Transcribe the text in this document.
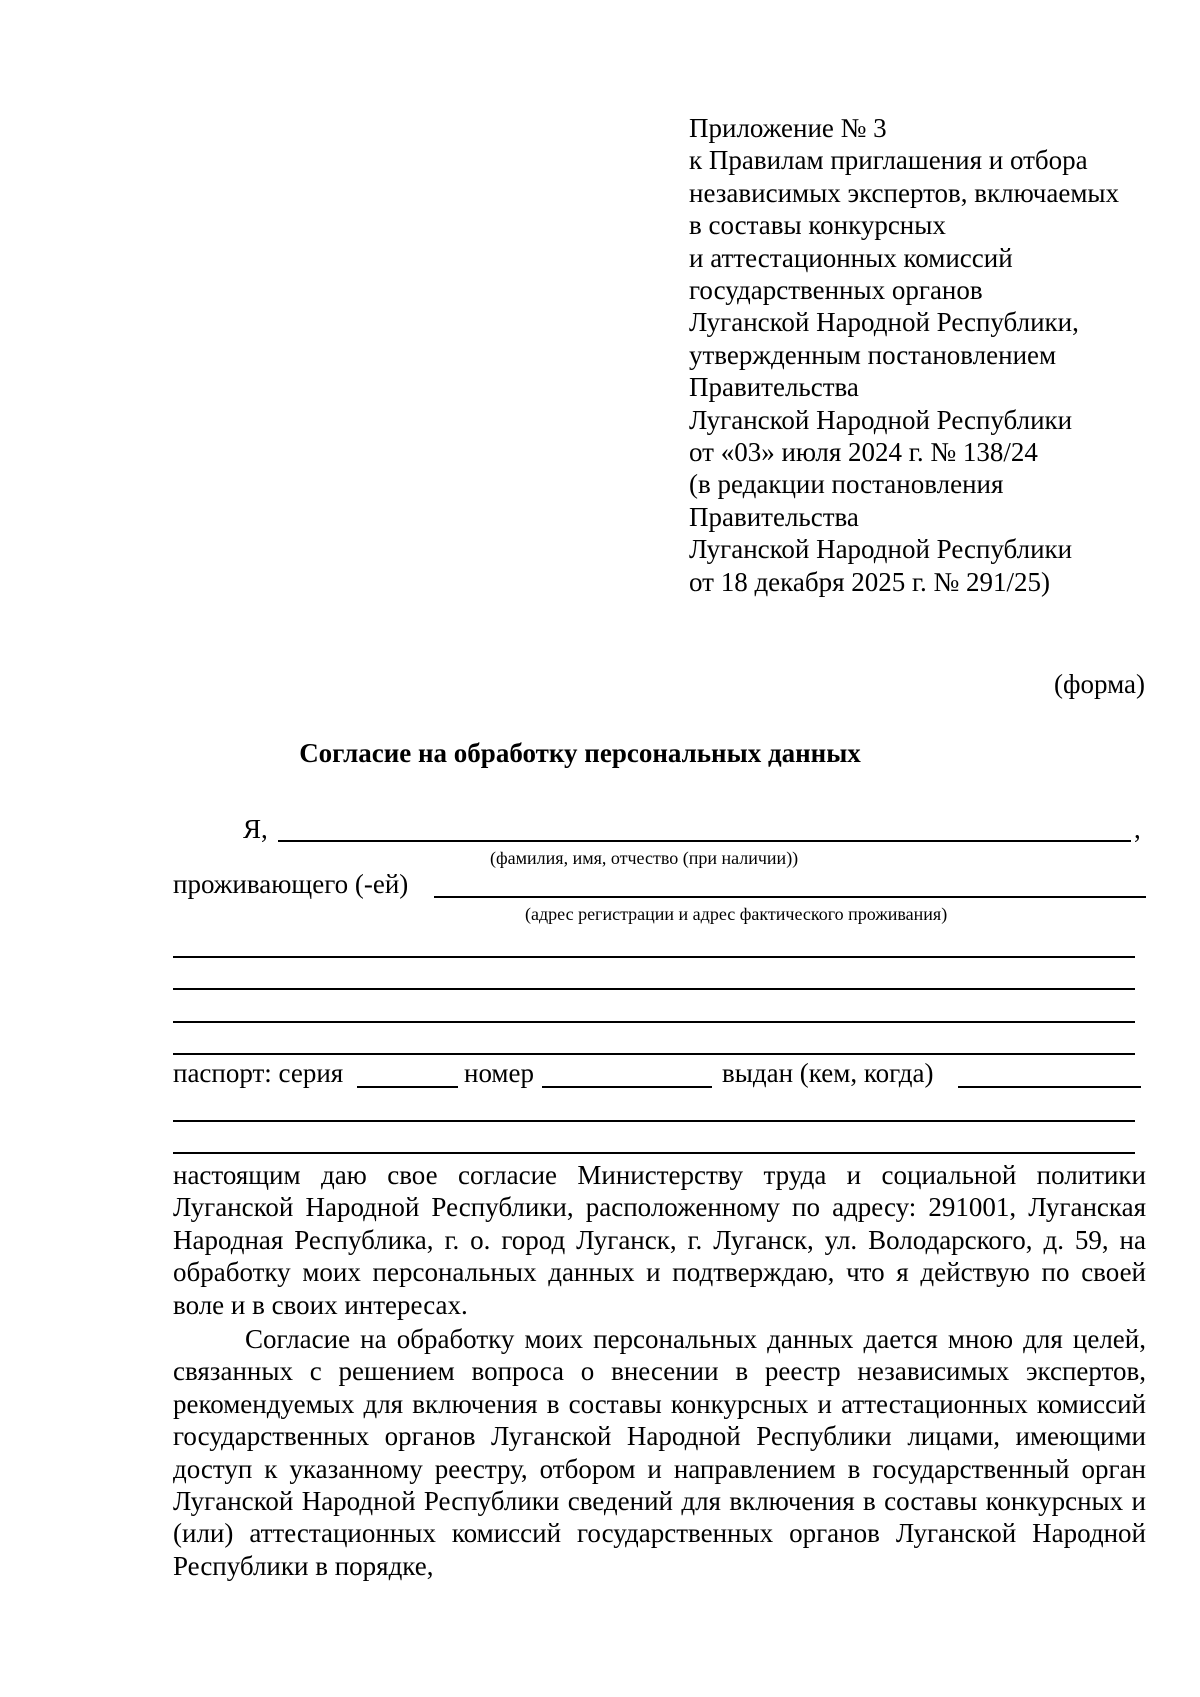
Приложение № 3
к Правилам приглашения и отбора
независимых экспертов, включаемых
в составы конкурсных
и аттестационных комиссий
государственных органов
Луганской Народной Республики,
утвержденным постановлением
Правительства
Луганской Народной Республики
от «03» июля 2024 г. № 138/24
(в редакции постановления
Правительства
Луганской Народной Республики
от 18 декабря 2025 г. № 291/25)
(форма)
Согласие на обработку персональных данных
Я,	,
(фамилия, имя, отчество (при наличии))
проживающего (-ей)
(адрес регистрации и адрес фактического проживания)
паспорт: серия	номер	выдан (кем, когда)

настоящим даю свое согласие Министерству труда и социальной политики Луганской Народной Республики, расположенному по адресу: 291001, Луганская Народная Республика, г. о. город Луганск, г. Луганск, ул. Володарского, д. 59, на обработку моих персональных данных и подтверждаю, что я действую по своей воле и в своих интересах.

Согласие на обработку моих персональных данных дается мною для целей, связанных с решением вопроса о внесении в реестр независимых экспертов, рекомендуемых для включения в составы конкурсных и аттестационных комиссий государственных органов Луганской Народной Республики лицами, имеющими доступ к указанному реестру, отбором и направлением в государственный орган Луганской Народной Республики сведений для включения в составы конкурсных и (или) аттестационных комиссий государственных органов Луганской Народной Республики в порядке,
